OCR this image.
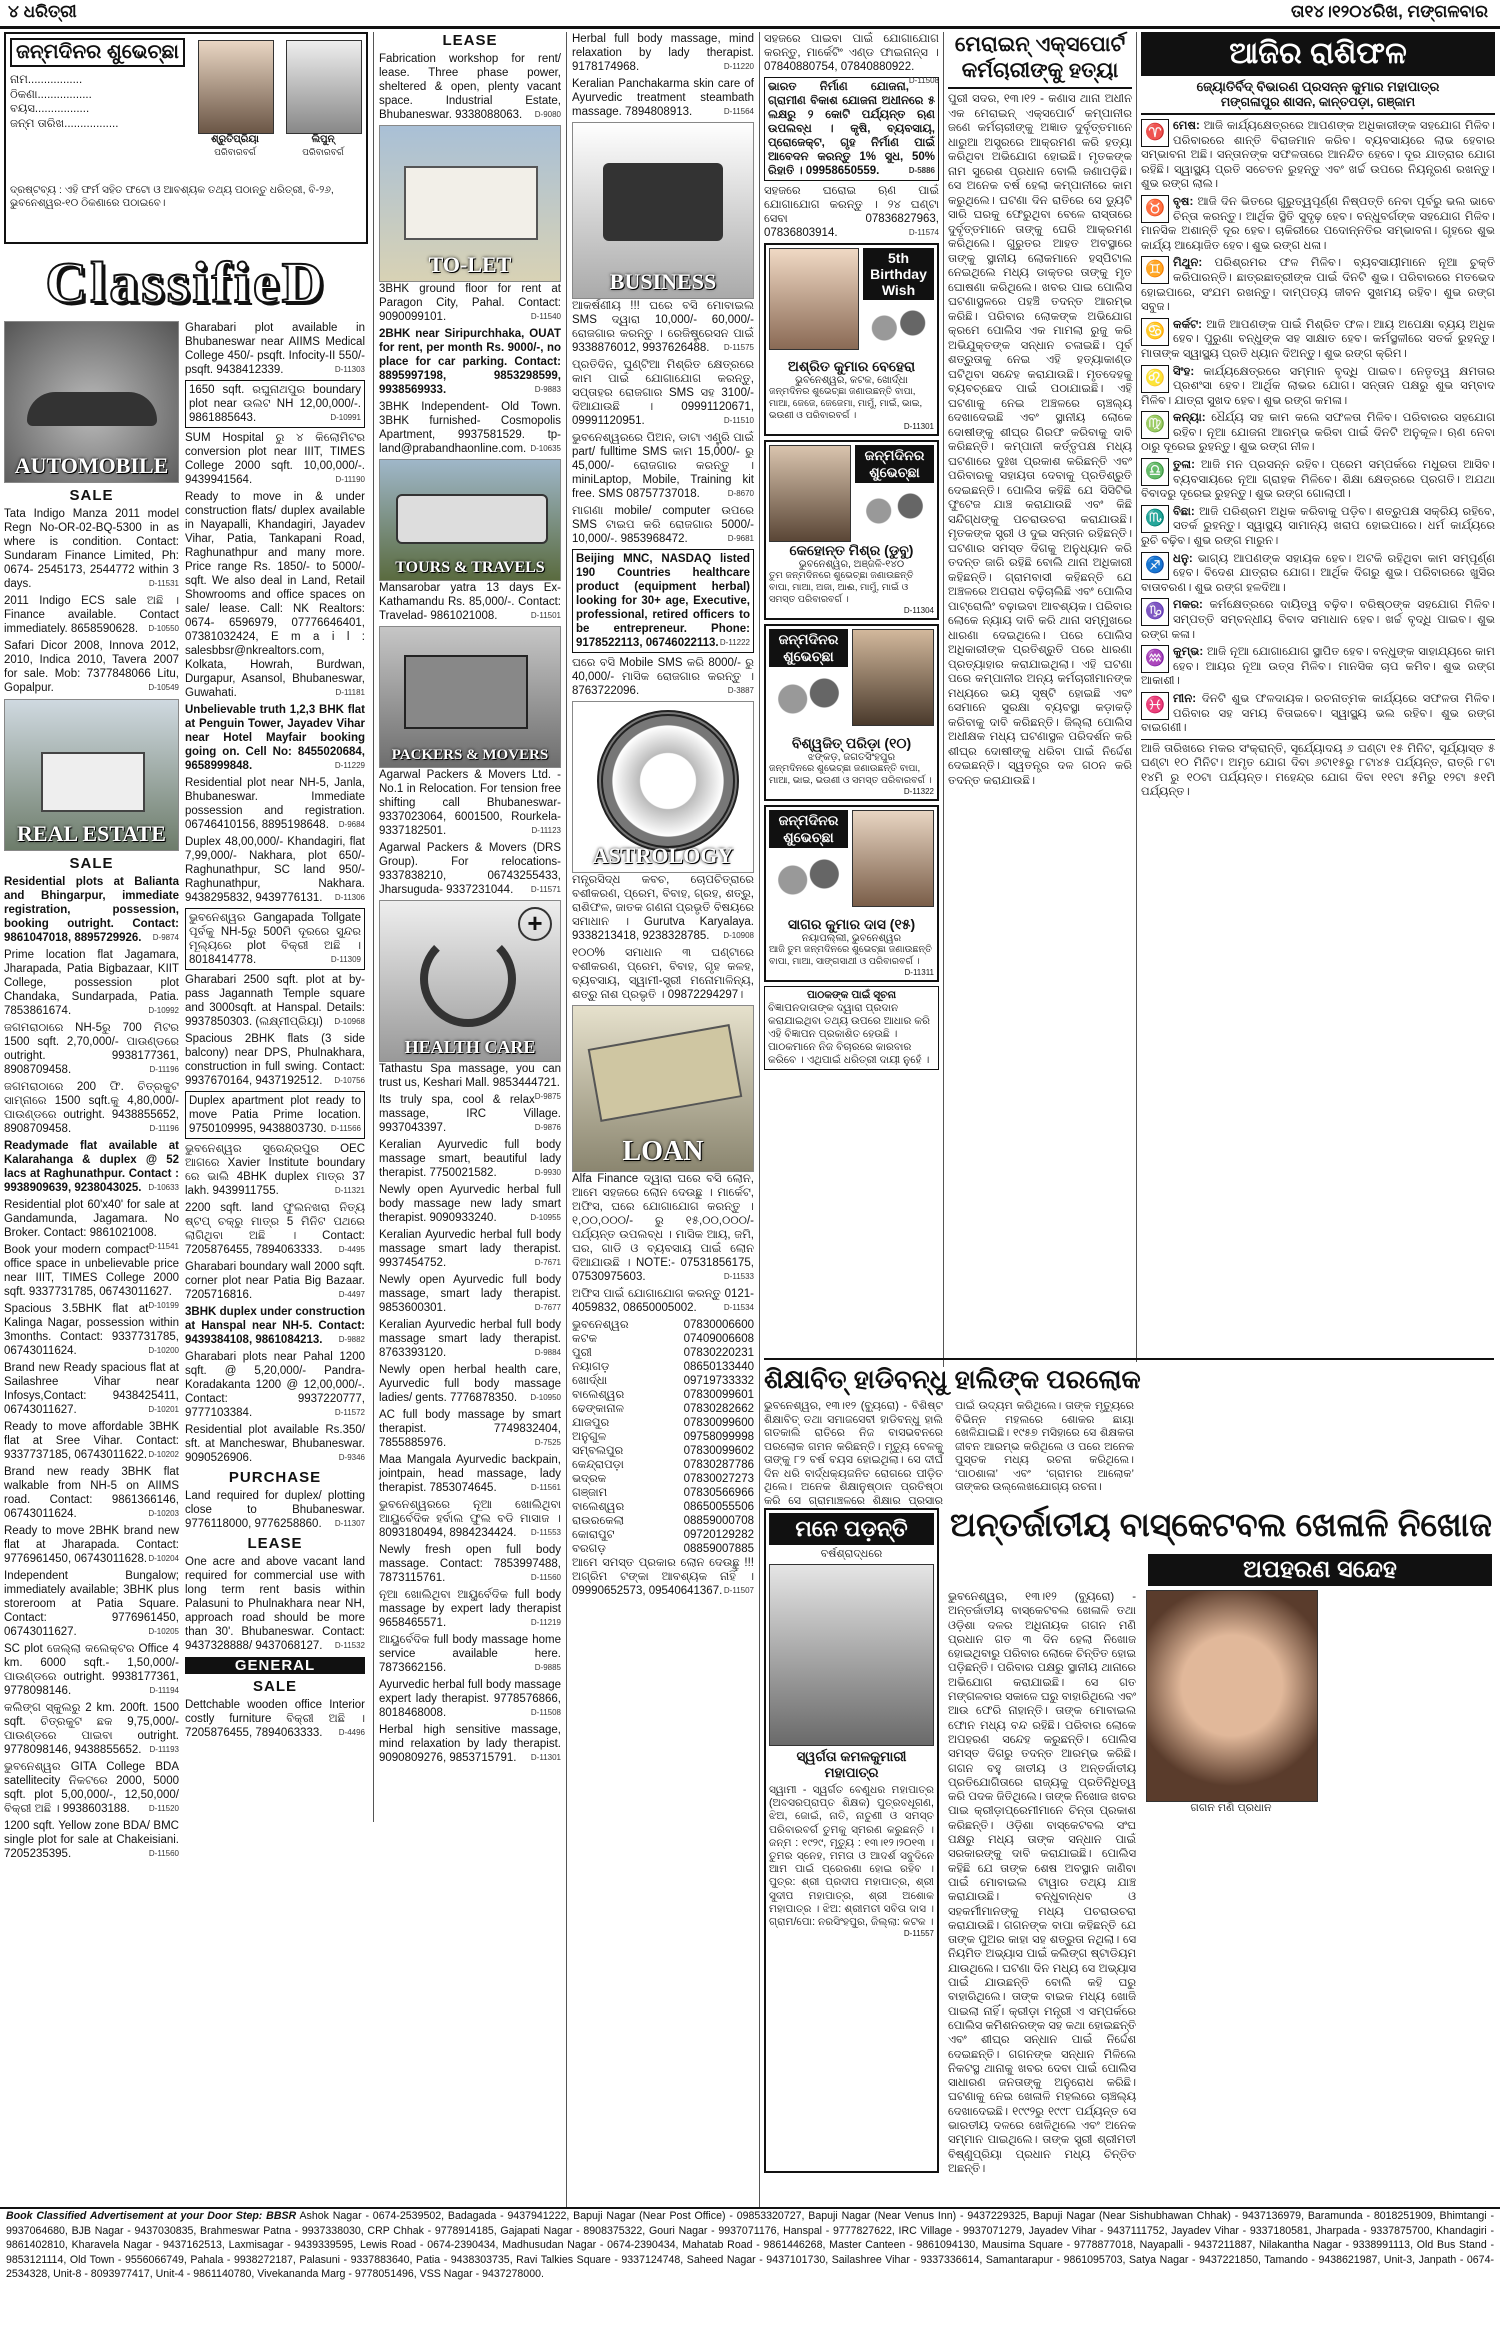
୪ ଧରିତ୍ରୀ	ତା୧୪।୧୨୦୪ରିଖ, ମଙ୍ଗଳବାର
ଜନ୍ମଦିନର ଶୁଭେଚ୍ଛା
ନାମ.................
ଠିକଣା.................
ବୟସ.................
ଜନ୍ମ ତାରିଖ.................
ଶ୍ରୁତିପ୍ରିୟା
ପରିବାରବର୍ଗ
ଲିପୁନ୍
ପରିବାରବର୍ଗ
ଦ୍ରଷ୍ଟବ୍ୟ : ଏହି ଫର୍ମ ସହିତ ଫଟୋ ଓ ଆବଶ୍ୟକ ତଥ୍ୟ ପଠାନ୍ତୁ ଧରିତ୍ରୀ, ବି-୨୬, ଭୁବନେଶ୍ୱର-୧୦ ଠିକଣାରେ ପଠାଇବେ।
ClassifieD
AUTOMOBILE
SALE
Tata Indigo Manza 2011 model Regn No-OR-02-BQ-5300 in as where is condition. Contact: Sundaram Finance Limited, Ph: 0674- 2545173, 2544772 within 3 days.	D-11531
2011 Indigo ECS sale ଅଛି । Finance available. Contact immediately. 8658590628. D-10550
Safari Dicor 2008, Innova 2012, 2010, Indica 2010, Tavera 2007 for sale. Mob: 7377848066 Litu, Gopalpur.	D-10549
REAL ESTATE
SALE
Residential plots at Balianta and Bhingarpur, immediate registration, possession, booking outright. Contact: 9861047018, 8895729926. D-9874
Prime location flat Jagamara, Jharapada, Patia Bigbazaar, KIIT College, possession plot Chandaka, Sundarpada, Patia. 7853861674.	D-10992
ଜଗମରାଠାରେ NH-5ରୁ 700 ମିଟର 1500 sqft. 2,70,000/- ପାଉଣ୍ଡରେ outright. 9938177361, 8908709458.	D-11196
ଜଗମରାଠାରେ 200 ଫି. ଚିତ୍ରକୁଟ ସାମ୍ନାରେ 1500 sqft.କୁ 4,80,000/- ପାଉଣ୍ଡରେ outright. 9438855652, 8908709458.	D-11196
Readymade flat available at Kalarahanga & duplex @ 52 lacs at Raghunathpur. Contact : 9938909639, 9238043025. D-10633
Residential plot 60'x40' for sale at Gandamunda, Jagamara. No Broker. Contact: 9861021008.
D-11541
Book your modern compact office space in unbelievable price near IIIT, TIMES College 2000 sqft. 9337731785, 06743011627.
D-10199
Spacious 3.5BHK flat at Kalinga Nagar, possession within 3months. Contact: 9337731785, 06743011624.	D-10200
Brand new Ready spacious flat at Sailashree Vihar near Infosys,Contact: 9438425411, 06743011627.	D-10201
Ready to move affordable 3BHK flat at Sree Vihar. Contact: 9337737185, 06743011622. D-10202
Brand new ready 3BHK flat walkable from NH-5 on AIIMS road. Contact: 9861366146, 06743011624.	D-10203
Ready to move 2BHK brand new flat at Jharapada. Contact: 9776961450, 06743011628. D-10204
Independent Bungalow; immediately available; 3BHK plus storeroom at Patia Square. Contact: 9776961450, 06743011627.	D-10205
SC plot ଜେଲ୍ଲା କଲେକ୍ଟର Office 4 km. 6000 sqft.- 1,50,000/- ପାଉଣ୍ଡରେ outright. 9938177361, 9778098146.	D-11194
କଲିଙ୍ଗ ସ୍କୁଲରୁ 2 km. 200ft. 1500 sqft. ଚିତ୍ରକୁଟ ଛକ 9,75,000/- ପାଉଣ୍ଡରେ ପାଇବା outright. 9778098146, 9438855652. D-11193
ଭୁବନେଶ୍ୱର GITA College BDA satellitecity ନିକଟରେ 2000, 5000 sqft. plot 5,00,000/-, 12,50,000/ ବିକ୍ରୀ ଅଛି । 9938603188. D-11520
1200 sqft. Yellow zone BDA/ BMC single plot for sale at Chakeisiani. 7205235395.	D-11560
Gharabari plot available in Bhubaneswar near AIIMS Medical College 450/- psqft. Infocity-II 550/- psqft. 9438412339.	D-11303
1650 sqft. ରଘୁନାଥପୁର boundary plot near ଉଲଟ NH 12,00,000/-. 9861885643.	D-10991
SUM Hospital ରୁ ୪ କିଲୋମିଟର conversion plot near IIIT, TIMES College 2000 sqft. 10,00,000/-. 9439941564.	D-11190
Ready to move in & under construction flats/ duplex available in Nayapalli, Khandagiri, Jayadev Vihar, Patia, Tankapani Road, Raghunathpur and many more. Price range Rs. 1850/- to 5000/- sqft. We also deal in Land, Retail Showrooms and office spaces on sale/ lease. Call: NK Realtors: 0674- 6596979, 07776646401, 07381032424, E m a i l : salesbbsr@nkrealtors.com, Kolkata, Howrah, Burdwan, Durgapur, Asansol, Bhubaneswar, Guwahati.	D-11181
Unbelievable truth 1,2,3 BHK flat at Penguin Tower, Jayadev Vihar near Hotel Mayfair booking going on. Cell No: 8455020684, 9658999848.	D-11229
Residential plot near NH-5, Janla, Bhubaneswar. Immediate possession and registration. 06746410156, 8895198648. D-9684
Duplex 48,00,000/- Khandagiri, flat 7,99,000/- Nakhara, plot 650/- Raghunathpur, SC land 950/- Raghunathpur, Nakhara. 9438295832, 9439776131. D-11306
ଭୁବନେଶ୍ୱର Gangapada Tollgate ପୂର୍ବକୁ NH-5ରୁ 500ମି ଦୂରରେ ସୁନ୍ଦର ମୂଲ୍ୟରେ plot ବିକ୍ରୀ ଅଛି । 8018414778.	D-11309
Gharabari 2500 sqft. plot at by- pass Jagannath Temple square and 3000sqft. at Hanspal. Details: 9937850303. (ଲକ୍ଷ୍ମୀପ୍ରିୟା) D-10968
Spacious 2BHK flats (3 side balcony) near DPS, Phulnakhara, construction in full swing. Contact: 9937670164, 9437192512. D-10756
Duplex apartment plot ready to move Patia Prime location. 9750109995, 9438803730. D-11566
ଭୁବନେଶ୍ୱର ସୁରେନ୍ଦ୍ରପୁର OEC ଆଗରେ Xavier Institute boundary ରେ ଭାଲି 4BHK duplex ମାତ୍ର 37 lakh. 9439911755.	D-11321
2200 sqft. land ଫୁଲନଖରା ନିତ୍ୟ ଷ୍ଟପ୍ ଚକ୍ରୁ ମାତ୍ର 5 ମିନିଟ ପଥରେ ଲାଗିଥିବା ଅଛି । Contact: 7205876455, 7894063333. D-4495
Gharabari boundary wall 2000 sqft. corner plot near Patia Big Bazaar. 7205716816.	D-4497
3BHK duplex under construction at Hanspal near NH-5. Contact: 9439384108, 9861084213. D-9882
Gharabari plots near Pahal 1200 sqft. @ 5,20,000/- Pandra- Koradakanta 1200 @ 12,00,000/-. Contact: 9937220777, 9777103384.	D-11572
Residential plot available Rs.350/ sft. at Mancheswar, Bhubaneswar. 9090526906.	D-9346
PURCHASE
Land required for duplex/ plotting close to Bhubaneswar. 9776118000, 9776258860. D-11307
LEASE
One acre and above vacant land required for commercial use with long term rent basis within Palasuni to Phulnakhara near NH, approach road should be more than 30'. Bhubaneswar. Contact: 9437328888/ 9437068127. D-11532
GENERAL
SALE
Dettchable wooden office Interior costly furniture ବିକ୍ରୀ ଅଛି । 7205876455, 7894063333. D-4496
LEASE
Fabrication workshop for rent/ lease. Three phase power, sheltered & open, plenty vacant space. Industrial Estate, Bhubaneswar. 9338088063. D-9080
TO-LET
3BHK ground floor for rent at Paragon City, Pahal. Contact: 9090099101.	D-11540
2BHK near Siripurchhaka, OUAT for rent, per month Rs. 9000/-, no place for car parking. Contact: 8895997198, 9853298599, 9938569933.	D-9883
3BHK Independent- Old Town. 3BHK furnished- Cosmopolis Apartment, 9937581529. tp-land@prabandhaonline.com. D-10635
TOURS & TRAVELS
Mansarobar yatra 13 days Ex-Kathamandu Rs. 85,000/-. Contact: Travelad- 9861021008.	D-11501
PACKERS & MOVERS
Agarwal Packers & Movers Ltd. - No.1 in Relocation. For tension free shifting call Bhubaneswar- 9337023064, 6001500, Rourkela- 9337182501.	D-11123
Agarwal Packers & Movers (DRS Group). For relocations- 9337838210, 06743255433, Jharsuguda- 9337231044. D-11571
+
HEALTH CARE
Tathastu Spa massage, you can trust us, Keshari Mall. 9853444721.
D-9875
Its truly spa, cool & relax massage, IRC Village. 9937043397.	D-9876
Keralian Ayurvedic full body massage smart, beautiful lady therapist. 7750021582.	D-9930
Newly open Ayurvedic herbal full body massage new lady smart therapist. 9090933240.	D-10955
Keralian Ayurvedic herbal full body massage smart lady therapist. 9937454752.	D-7671
Newly open Ayurvedic full body massage, smart lady therapist. 9853600301.	D-7677
Keralian Ayurvedic herbal full body massage smart lady therapist. 8763393120.	D-9884
Newly open herbal health care, Ayurvedic full body massage ladies/ gents. 7776878350. D-10950
AC full body massage by smart therapist. 7749832404, 7855885976.	D-7525
Maa Mangala Ayurvedic backpain, jointpain, head massage, lady therapist. 7853074645.	D-11561
ଭୁବନେଶ୍ୱରରେ ନୂଆ ଖୋଲିଥିବା ଆୟୁର୍ବେଦିକ ହର୍ବାଲ ଫୁଲ ବଡି ମାସାଜ । 8093180494, 8984234424. D-11553
Newly fresh open full body massage. Contact: 7853997488, 7873115761.	D-11560
ନୂଆ ଖୋଲିଥିବା ଆୟୁର୍ବେଦିକ full body massage by expert lady therapist 9658465571.	D-11219
ଆୟୁର୍ବେଦିକ full body massage home service available here. 7873662156.	D-9885
Ayurvedic herbal full body massage expert lady therapist. 9778576866, 8018468008.	D-11508
Herbal high sensitive massage, mind relaxation by lady therapist. 9090809276, 9853715791. D-11301
Herbal full body massage, mind relaxation by lady therapist. 9178174968.	D-11220
Keralian Panchakarma skin care of Ayurvedic treatment steambath massage. 7894808913.	D-11564
BUSINESS
ଆକର୍ଷଣୀୟ !!! ଘରେ ବସି ମୋବାଇଲ SMS ଦ୍ୱାରା 10,000/- 60,000/- ରୋଜଗାର କରନ୍ତୁ । ରେଜିଷ୍ଟ୍ରେସନ ପାଇଁ 9338876012, 9937626488. D-11575
ପ୍ରତିଦିନ, ଘୁଣ୍ଟିଆ ମିଶ୍ରିତ କ୍ଷେତ୍ରରେ କାମ ପାଇଁ ଯୋଗାଯୋଗ କରନ୍ତୁ, ସପ୍ତାହର ରୋଜଗାର SMS ସହ 3100/- ଦିଆଯାଉଛି । 09991120671, 09991120951.	D-11510
ଭୁବନେଶ୍ୱରରେ ପିଅନ, ଡାଟା ଏଣ୍ଟ୍ରି ପାଇଁ part/ fulltime SMS କାମ 15,000/- ରୁ 45,000/- ରୋଜଗାର କରନ୍ତୁ । miniLaptop, Mobile, Training kit free. SMS 08757737018.	D-8670
ମାଗଣା mobile/ computer ଉପରେ SMS ଟାଇପ କରି ରୋଜଗାର 5000/- 10,000/-. 9853968472.	D-9681
Beijing MNC, NASDAQ listed 190 Countries healthcare product (equipment herbal) looking for 30+ age, Executive, professional, retired officers to be entrepreneur. Phone: 9178522113, 06746022113. D-11222
ଘରେ ବସି Mobile SMS କରି 8000/- ରୁ 40,000/- ମାସିକ ରୋଜଗାର କରନ୍ତୁ । 8763722096.	D-3887
ASTROLOGY
ମନ୍ତ୍ରସିଦ୍ଧ କବଚ, ଚୋପଚିତ୍ରାରେ ବଶୀକରଣ, ପ୍ରେମ, ବିବାହ, ଗ୍ରହ, ଶତ୍ରୁ, ରାଶିଫଳ, ଜାତକ ଗଣନା ପ୍ରଭୃତି ବିଷୟରେ ସମାଧାନ । Gurutva Karyalaya. 9338213418, 9238328785. D-10908
୧୦୦% ସମାଧାନ ୩ ଘଣ୍ଟାରେ ବଶୀକରଣ, ପ୍ରେମ, ବିବାହ, ଗୃହ କଳହ, ବ୍ୟବସାୟ, ସ୍ୱାମୀ-ସ୍ତ୍ରୀ ମନୋମାଳିନ୍ୟ, ଶତ୍ରୁ ନାଶ ପ୍ରଭୃତି । 09872294297।
LOAN
Alfa Finance ଦ୍ୱାରା ଘରେ ବସି ଲୋନ, ଆମେ ସହଜରେ ଲୋନ ଦେଉଛୁ । ମାର୍କେଟ, ଅଫିସ, ଘରେ ଯୋଗାଯୋଗ କରନ୍ତୁ । ୧,୦୦,୦୦୦/- ରୁ ୧୫,୦୦,୦୦୦/- ପର୍ଯ୍ୟନ୍ତ ଉପଲବ୍ଧ । ମାସିକ ଆୟ, ଜମି, ଘର, ଗାଡି ଓ ବ୍ୟବସାୟ ପାଇଁ ଲୋନ ଦିଆଯାଉଛି । NOTE:- 07531856175, 07530975603.	D-11533
ଅଫିସ ପାଇଁ ଯୋଗାଯୋଗ କରନ୍ତୁ 0121-4059832, 08650005002.	D-11534
ଭୁବନେଶ୍ୱର	07830006600
କଟକ	07409006608
ପୁରୀ	07830220231
ନୟାଗଡ଼	08650133440
ଖୋର୍ଦ୍ଧା	09719733332
ବାଲେଶ୍ୱର	07830099601
ଢେଙ୍କାନାଳ	07830282662
ଯାଜପୁର	07830099600
ଅନୁଗୁଳ	09758099998
ସମ୍ବଲପୁର	07830099602
କେନ୍ଦ୍ରାପଡ଼ା	07830287786
ଭଦ୍ରକ	07830027273
ଗଞ୍ଜାମ	07830566966
ବାଲେଶ୍ୱର	08650055506
ରାଉରକେଲା	08859000708
କୋରାପୁଟ	09720129282
ବରଗଡ଼	08859007885
ଆମେ ସମସ୍ତ ପ୍ରକାର ଲୋନ ଦେଉଛୁ !!! ଅଗ୍ରିମ ଟଙ୍କା ଆବଶ୍ୟକ ନାହିଁ । 09990652573, 09540641367. D-11507
ସହଜରେ ପାଇବା ପାଇଁ ଯୋଗାଯୋଗ କରନ୍ତୁ, ମାର୍କେଟିଂ ଏଣ୍ଡ ଫାଇନାନ୍ସ । 07840880754, 07840880922.
D-11508
ଭାରତ ନିର୍ମାଣ ଯୋଜନା, ଗ୍ରାମୀଣ ବିକାଶ ଯୋଜନା ଅଧୀନରେ ୫ ଲକ୍ଷରୁ ୨ କୋଟି ପର୍ଯ୍ୟନ୍ତ ଋଣ ଉପଲବ୍ଧ । କୃଷି, ବ୍ୟବସାୟ, ପ୍ରୋଜେକ୍ଟ, ଗୃହ ନିର୍ମାଣ ପାଇଁ ଆବେଦନ କରନ୍ତୁ 1% ସୁଧ, 50% ରିହାତି । 09958650559.	D-5886
ସହଜରେ ଘରୋଇ ଋଣ ପାଇଁ ଯୋଗାଯୋଗ କରନ୍ତୁ । ୨୪ ଘଣ୍ଟା ସେବା 07836827963, 07836803914.	D-11574
5th Birthday Wish
ଅଶ୍ରିତ କୁମାର ବେହେରା
ଭୁବନେଶ୍ୱର, କଟକ, ଖୋର୍ଦ୍ଧା
ଜନ୍ମଦିନର ଶୁଭେଚ୍ଛା ଜଣାଉଛନ୍ତି ବାପା, ମାଆ, ଜେଜେ, ଜେଜେମା, ମାମୁଁ, ମାଇଁ, ଭାଇ, ଭଉଣୀ ଓ ପରିବାରବର୍ଗ ।
D-11301
ଜନ୍ମଦିନର ଶୁଭେଚ୍ଛା
କେହୋନ୍ତ ମିଶ୍ର (ଡୁବୁ)
ଭୁବନେଶ୍ୱର, ଅଞ୍ଜଳି-୧୪୦
ତୁମ ଜନ୍ମଦିନରେ ଶୁଭେଚ୍ଛା ଜଣାଉଛନ୍ତି ବାପା, ମାଆ, ଅଜା, ଆଈ, ମାମୁଁ, ମାଇଁ ଓ ସମସ୍ତ ପରିବାରବର୍ଗ ।
D-11304
ଜନ୍ମଦିନର ଶୁଭେଚ୍ଛା
ବିଶ୍ୱଜିତ୍ ପରିଡ଼ା (୧୦)
ଝଙ୍କଡ଼, ଜଗତସିଂହପୁର
ଜନ୍ମଦିନରେ ଶୁଭେଚ୍ଛା ଜଣାଉଛନ୍ତି ବାପା, ମାଆ, ଭାଇ, ଭଉଣୀ ଓ ସମସ୍ତ ପରିବାରବର୍ଗ ।
D-11322
ଜନ୍ମଦିନର ଶୁଭେଚ୍ଛା
ସାଗର କୁମାର ଦାସ (୧୫)
ନୟାପଲ୍ଲୀ, ଭୁବନେଶ୍ୱର
ଆଜି ତୁମ ଜନ୍ମଦିନରେ ଶୁଭେଚ୍ଛା ଜଣାଉଛନ୍ତି ବାପା, ମାଆ, ସାଙ୍ଗସାଥୀ ଓ ପରିବାରବର୍ଗ ।
D-11311
ପାଠକଙ୍କ ପାଇଁ ସୂଚନା
ବିଜ୍ଞାପନଦାତାଙ୍କ ଦ୍ୱାରା ପ୍ରଦାନ କରାଯାଇଥିବା ତଥ୍ୟ ଉପରେ ଆଧାର କରି ଏହି ବିଜ୍ଞାପନ ପ୍ରକାଶିତ ହେଉଛି । ପାଠକମାନେ ନିଜ ବିଚାରରେ କାରବାର କରିବେ । ଏଥିପାଇଁ ଧରିତ୍ରୀ ଦାୟୀ ନୁହେଁ ।
ମେରାଇନ୍ ଏକ୍ସପୋର୍ଟ କର୍ମଚାରୀଙ୍କୁ ହତ୍ୟା
ପୁରୀ ସଦର, ୧୩।୧୨ - କଣାସ ଥାନା ଅଧୀନ ଏକ ମେରାଇନ୍ ଏକ୍ସପୋର୍ଟ କମ୍ପାନୀର ଜଣେ କର୍ମଚାରୀଙ୍କୁ ଅଜ୍ଞାତ ଦୁର୍ବୃତ୍ତମାନେ ଧାରୁଆ ଅସ୍ତ୍ରରେ ଆକ୍ରମଣ କରି ହତ୍ୟା କରିଥିବା ଅଭିଯୋଗ ହୋଇଛି। ମୃତକଙ୍କ ନାମ ସୁରେଶ ପ୍ରଧାନ ବୋଲି ଜଣାପଡ଼ିଛି। ସେ ଅନେକ ବର୍ଷ ହେଲା କମ୍ପାନୀରେ କାମ କରୁଥିଲେ। ଘଟଣା ଦିନ ରାତିରେ ସେ ଡ୍ୟୁଟି ସାରି ଘରକୁ ଫେରୁଥିବା ବେଳେ ରାସ୍ତାରେ ଦୁର୍ବୃତ୍ତମାନେ ତାଙ୍କୁ ଘେରି ଆକ୍ରମଣ କରିଥିଲେ। ଗୁରୁତର ଆହତ ଅବସ୍ଥାରେ ତାଙ୍କୁ ସ୍ଥାନୀୟ ଲୋକମାନେ ହସ୍ପିଟାଲ ନେଇଥିଲେ ମଧ୍ୟ ଡାକ୍ତର ତାଙ୍କୁ ମୃତ ଘୋଷଣା କରିଥିଲେ। ଖବର ପାଇ ପୋଲିସ ଘଟଣାସ୍ଥଳରେ ପହଞ୍ଚି ତଦନ୍ତ ଆରମ୍ଭ କରିଛି। ପରିବାର ଲୋକଙ୍କ ଅଭିଯୋଗ କ୍ରମେ ପୋଲିସ ଏକ ମାମଲା ରୁଜୁ କରି ଅଭିଯୁକ୍ତଙ୍କ ସନ୍ଧାନ ଚଳାଇଛି। ପୂର୍ବ ଶତ୍ରୁତାକୁ ନେଇ ଏହି ହତ୍ୟାକାଣ୍ଡ ଘଟିଥିବା ସନ୍ଦେହ କରାଯାଉଛି। ମୃତଦେହକୁ ବ୍ୟବଚ୍ଛେଦ ପାଇଁ ପଠାଯାଇଛି। ଏହି ଘଟଣାକୁ ନେଇ ଅଞ୍ଚଳରେ ଚାଞ୍ଚଲ୍ୟ ଦେଖାଦେଇଛି ଏବଂ ସ୍ଥାନୀୟ ଲୋକେ ଦୋଷୀଙ୍କୁ ଶୀଘ୍ର ଗିରଫ କରିବାକୁ ଦାବି କରିଛନ୍ତି। କମ୍ପାନୀ କର୍ତ୍ତୃପକ୍ଷ ମଧ୍ୟ ଘଟଣାରେ ଦୁଃଖ ପ୍ରକାଶ କରିଛନ୍ତି ଏବଂ ପରିବାରକୁ ସହାୟତା ଦେବାକୁ ପ୍ରତିଶ୍ରୁତି ଦେଇଛନ୍ତି। ପୋଲିସ କହିଛି ଯେ ସିସିଟିଭି ଫୁଟେଜ ଯାଞ୍ଚ କରାଯାଉଛି ଏବଂ କିଛି ସନ୍ଦିଗ୍ଧଙ୍କୁ ପଚରାଉଚରା କରାଯାଉଛି। ମୃତକଙ୍କ ସ୍ତ୍ରୀ ଓ ଦୁଇ ସନ୍ତାନ ରହିଛନ୍ତି। ଘଟଣାର ସମସ୍ତ ଦିଗକୁ ଅନୁଧ୍ୟାନ କରି ତଦନ୍ତ ଜାରି ରହିଛି ବୋଲି ଥାନା ଅଧିକାରୀ କହିଛନ୍ତି। ଗ୍ରାମବାସୀ କହିଛନ୍ତି ଯେ ଅଞ୍ଚଳରେ ଅପରାଧ ବଢ଼ିଚାଲିଛି ଏବଂ ପୋଲିସ ପାଟ୍ରୋଲିଂ ବଢ଼ାଇବା ଆବଶ୍ୟକ। ପରିବାର ଲୋକେ ନ୍ୟାୟ ଦାବି କରି ଥାନା ସମ୍ମୁଖରେ ଧାରଣା ଦେଇଥିଲେ। ପରେ ପୋଲିସ ଅଧିକାରୀଙ୍କ ପ୍ରତିଶ୍ରୁତି ପରେ ଧାରଣା ପ୍ରତ୍ୟାହାର କରାଯାଇଥିଲା। ଏହି ଘଟଣା ପରେ କମ୍ପାନୀର ଅନ୍ୟ କର୍ମଚାରୀମାନଙ୍କ ମଧ୍ୟରେ ଭୟ ସୃଷ୍ଟି ହୋଇଛି ଏବଂ ସେମାନେ ସୁରକ୍ଷା ବ୍ୟବସ୍ଥା କଡ଼ାକଡ଼ି କରିବାକୁ ଦାବି କରିଛନ୍ତି। ଜିଲ୍ଲା ପୋଲିସ ଅଧୀକ୍ଷକ ମଧ୍ୟ ଘଟଣାସ୍ଥଳ ପରିଦର୍ଶନ କରି ଶୀଘ୍ର ଦୋଷୀଙ୍କୁ ଧରିବା ପାଇଁ ନିର୍ଦ୍ଦେଶ ଦେଇଛନ୍ତି। ସ୍ୱତନ୍ତ୍ର ଦଳ ଗଠନ କରି ତଦନ୍ତ କରାଯାଉଛି।
ଆଜିର ରାଶିଫଳ
ଜ୍ୟୋତିର୍ବିଦ୍ ବିଭାରଣ ପ୍ରସନ୍ନ କୁମାର ମହାପାତ୍ର
ମଙ୍ଗଳାପୁର ଶାସନ, କାନ୍ତପଡ଼ା, ଗଞ୍ଜାମ
♈ ମେଷ: ଆଜି କାର୍ଯ୍ୟକ୍ଷେତ୍ରରେ ଆପଣଙ୍କ ଅଧିକାରୀଙ୍କ ସହଯୋଗ ମିଳିବ। ପରିବାରରେ ଶାନ୍ତି ବିରାଜମାନ କରିବ। ବ୍ୟବସାୟରେ ଲାଭ ହେବାର ସମ୍ଭାବନା ଅଛି। ସନ୍ତାନଙ୍କ ସଫଳତାରେ ଆନନ୍ଦିତ ହେବେ। ଦୂର ଯାତ୍ରାର ଯୋଗ ରହିଛି। ସ୍ୱାସ୍ଥ୍ୟ ପ୍ରତି ସଚେତନ ରୁହନ୍ତୁ ଏବଂ ଖର୍ଚ୍ଚ ଉପରେ ନିୟନ୍ତ୍ରଣ ରଖନ୍ତୁ। ଶୁଭ ରଙ୍ଗ ଲାଲ।
♉ ବୃଷ: ଆଜି ଦିନ ଭିତରେ ଗୁରୁତ୍ୱପୂର୍ଣ୍ଣ ନିଷ୍ପତ୍ତି ନେବା ପୂର୍ବରୁ ଭଲ ଭାବେ ଚିନ୍ତା କରନ୍ତୁ। ଆର୍ଥିକ ସ୍ଥିତି ସୁଦୃଢ଼ ହେବ। ବନ୍ଧୁବର୍ଗଙ୍କ ସହଯୋଗ ମିଳିବ। ମାନସିକ ଅଶାନ୍ତି ଦୂର ହେବ। ଚାକିରୀରେ ପଦୋନ୍ନତିର ସମ୍ଭାବନା। ଗୃହରେ ଶୁଭ କାର୍ଯ୍ୟ ଆୟୋଜିତ ହେବ। ଶୁଭ ରଙ୍ଗ ଧଳା।
♊ ମିଥୁନ: ପରିଶ୍ରମର ଫଳ ମିଳିବ। ବ୍ୟବସାୟୀମାନେ ନୂଆ ଚୁକ୍ତି କରିପାରନ୍ତି। ଛାତ୍ରଛାତ୍ରୀଙ୍କ ପାଇଁ ଦିନଟି ଶୁଭ। ପରିବାରରେ ମତଭେଦ ହୋଇପାରେ, ସଂଯମ ରଖନ୍ତୁ। ଦାମ୍ପତ୍ୟ ଜୀବନ ସୁଖମୟ ରହିବ। ଶୁଭ ରଙ୍ଗ ସବୁଜ।
♋ କର୍କଟ: ଆଜି ଆପଣଙ୍କ ପାଇଁ ମିଶ୍ରିତ ଫଳ। ଆୟ ଅପେକ୍ଷା ବ୍ୟୟ ଅଧିକ ହେବ। ପୁରୁଣା ବନ୍ଧୁଙ୍କ ସହ ସାକ୍ଷାତ ହେବ। କର୍ମସ୍ଥଳୀରେ ସତର୍କ ରୁହନ୍ତୁ। ମାତାଙ୍କ ସ୍ୱାସ୍ଥ୍ୟ ପ୍ରତି ଧ୍ୟାନ ଦିଅନ୍ତୁ। ଶୁଭ ରଙ୍ଗ କ୍ରିମ।
♌ ସିଂହ: କାର୍ଯ୍ୟକ୍ଷେତ୍ରରେ ସମ୍ମାନ ବୃଦ୍ଧି ପାଇବ। ନେତୃତ୍ୱ କ୍ଷମତାର ପ୍ରଶଂସା ହେବ। ଆର୍ଥିକ ଲାଭର ଯୋଗ। ସନ୍ତାନ ପକ୍ଷରୁ ଶୁଭ ସମ୍ବାଦ ମିଳିବ। ଯାତ୍ରା ସୁଖଦ ହେବ। ଶୁଭ ରଙ୍ଗ କମଳା।
♍ କନ୍ୟା: ଧୈର୍ଯ୍ୟ ସହ କାମ କଲେ ସଫଳତା ମିଳିବ। ପରିବାରର ସହଯୋଗ ରହିବ। ନୂଆ ଯୋଜନା ଆରମ୍ଭ କରିବା ପାଇଁ ଦିନଟି ଅନୁକୂଳ। ଋଣ ନେବା ଠାରୁ ଦୂରେଇ ରୁହନ୍ତୁ। ଶୁଭ ରଙ୍ଗ ନୀଳ।
♎ ତୁଳା: ଆଜି ମନ ପ୍ରସନ୍ନ ରହିବ। ପ୍ରେମ ସମ୍ପର୍କରେ ମଧୁରତା ଆସିବ। ବ୍ୟବସାୟରେ ନୂଆ ଗ୍ରାହକ ମିଳିବେ। ଶିକ୍ଷା କ୍ଷେତ୍ରରେ ପ୍ରଗତି। ଅଯଥା ବିବାଦରୁ ଦୂରେଇ ରୁହନ୍ତୁ। ଶୁଭ ରଙ୍ଗ ଗୋଲାପୀ।
♏ ବିଛା: ଆଜି ପରିଶ୍ରମ ଅଧିକ କରିବାକୁ ପଡ଼ିବ। ଶତ୍ରୁପକ୍ଷ ସକ୍ରିୟ ରହିବେ, ସତର୍କ ରୁହନ୍ତୁ। ସ୍ୱାସ୍ଥ୍ୟ ସାମାନ୍ୟ ଖରାପ ହୋଇପାରେ। ଧର୍ମ କାର୍ଯ୍ୟରେ ରୁଚି ବଢ଼ିବ। ଶୁଭ ରଙ୍ଗ ମାରୁନ।
♐ ଧନୁ: ଭାଗ୍ୟ ଆପଣଙ୍କ ସହାୟକ ହେବ। ଅଟକି ରହିଥିବା କାମ ସମ୍ପୂର୍ଣ୍ଣ ହେବ। ବିଦେଶ ଯାତ୍ରାର ଯୋଗ। ଆର୍ଥିକ ଦିଗରୁ ଶୁଭ। ପରିବାରରେ ଖୁସିର ବାତାବରଣ। ଶୁଭ ରଙ୍ଗ ହଳଦିଆ।
♑ ମକର: କର୍ମକ୍ଷେତ୍ରରେ ଦାୟିତ୍ୱ ବଢ଼ିବ। ବରିଷ୍ଠଙ୍କ ସହଯୋଗ ମିଳିବ। ସମ୍ପତ୍ତି ସମ୍ବନ୍ଧୀୟ ବିବାଦ ସମାଧାନ ହେବ। ଖର୍ଚ୍ଚ ବୃଦ୍ଧି ପାଇବ। ଶୁଭ ରଙ୍ଗ କଳା।
♒ କୁମ୍ଭ: ଆଜି ନୂଆ ଯୋଗାଯୋଗ ସ୍ଥାପିତ ହେବ। ବନ୍ଧୁଙ୍କ ସାହାଯ୍ୟରେ କାମ ହେବ। ଆୟର ନୂଆ ଉତ୍ସ ମିଳିବ। ମାନସିକ ଚାପ କମିବ। ଶୁଭ ରଙ୍ଗ ଆକାଶୀ।
♓ ମୀନ: ଦିନଟି ଶୁଭ ଫଳଦାୟକ। ରଚନାତ୍ମକ କାର୍ଯ୍ୟରେ ସଫଳତା ମିଳିବ। ପରିବାର ସହ ସମୟ ବିତାଇବେ। ସ୍ୱାସ୍ଥ୍ୟ ଭଲ ରହିବ। ଶୁଭ ରଙ୍ଗ ବାଇଗଣୀ।
ଆଜି ତାରିଖରେ ମକର ସଂକ୍ରାନ୍ତି, ସୂର୍ଯ୍ୟୋଦୟ ୬ ଘଣ୍ଟା ୧୫ ମିନିଟ, ସୂର୍ଯ୍ୟାସ୍ତ ୫ ଘଣ୍ଟା ୧୦ ମିନିଟ। ଅମୃତ ଯୋଗ ଦିବା ୬ଟା୧୫ରୁ ୮ଟା୪୫ ପର୍ଯ୍ୟନ୍ତ, ରାତ୍ରି ୮ଟା ୧୪ମି ରୁ ୧୦ଟା ପର୍ଯ୍ୟନ୍ତ। ମହେନ୍ଦ୍ର ଯୋଗ ଦିବା ୧୧ଟା ୫ମିରୁ ୧୨ଟା ୫୧ମି ପର୍ଯ୍ୟନ୍ତ।
ଶିକ୍ଷାବିତ୍ ହାଡିବନ୍ଧୁ ହାଲିଙ୍କ ପରଲୋକ
ଭୁବନେଶ୍ୱର, ୧୩।୧୨ (ବ୍ୟୁରୋ) - ବିଶିଷ୍ଟ ଶିକ୍ଷାବିତ୍ ତଥା ସମାଜସେବୀ ହାଡିବନ୍ଧୁ ହାଲି ଗତକାଲି ରାତିରେ ନିଜ ବାସଭବନରେ ପରଲୋକ ଗମନ କରିଛନ୍ତି। ମୃତ୍ୟୁ ବେଳକୁ ତାଙ୍କୁ ୮୨ ବର୍ଷ ବୟସ ହୋଇଥିଲା। ସେ ଦୀର୍ଘ ଦିନ ଧରି ବାର୍ଦ୍ଧକ୍ୟଜନିତ ରୋଗରେ ପୀଡ଼ିତ ଥିଲେ। ଅନେକ ଶିକ୍ଷାନୁଷ୍ଠାନ ପ୍ରତିଷ୍ଠା କରି ସେ ଗ୍ରାମାଞ୍ଚଳରେ ଶିକ୍ଷାର ପ୍ରସାର ପାଇଁ ଉଦ୍ୟମ କରିଥିଲେ। ତାଙ୍କ ମୃତ୍ୟୁରେ ବିଭିନ୍ନ ମହଲରେ ଶୋକର ଛାୟା ଖେଳିଯାଇଛି। ୧୯୫୭ ମସିହାରେ ସେ ଶିକ୍ଷକତା ଜୀବନ ଆରମ୍ଭ କରିଥିଲେ ଓ ପରେ ଅନେକ ପୁସ୍ତକ ମଧ୍ୟ ରଚନା କରିଥିଲେ। ‘ପାଠଶାଳା’ ଏବଂ ‘ଗ୍ରାମର ଆଲୋକ’ ତାଙ୍କର ଉଲ୍ଲେଖଯୋଗ୍ୟ ରଚନା।
ମନେ ପଡ଼ନ୍ତି
ବର୍ଷଶ୍ରାଦ୍ଧରେ
ସ୍ୱର୍ଗତା କମଳକୁମାରୀ ମହାପାତ୍ର
ସ୍ୱାମୀ - ସ୍ୱର୍ଗତ ବେଣୁଧର ମହାପାତ୍ର (ଅବସରପ୍ରାପ୍ତ ଶିକ୍ଷକ) ପୁତ୍ରବଧୂଗଣ, ଝିଅ, ଜୋଇଁ, ନାତି, ନାତୁଣୀ ଓ ସମସ୍ତ ପରିବାରବର୍ଗ ତୁମକୁ ସ୍ମରଣ କରୁଛନ୍ତି । ଜନ୍ମ : ୧୯୨୯, ମୃତ୍ୟୁ : ୧୩।୧୨।୨୦୧୩ । ତୁମର ସ୍ନେହ, ମମତା ଓ ଆଦର୍ଶ ସବୁଦିନେ ଆମ ପାଇଁ ପ୍ରେରଣା ହୋଇ ରହିବ । ପୁତ୍ର: ଶ୍ରୀ ପ୍ରଦୀପ ମହାପାତ୍ର, ଶ୍ରୀ ସୁଦୀପ ମହାପାତ୍ର, ଶ୍ରୀ ଅଶୋକ ମହାପାତ୍ର । ଝିଅ: ଶ୍ରୀମତୀ ସବିତା ଦାସ । ଗ୍ରାମ/ପୋ: ନରସିଂହପୁର, ଜିଲ୍ଲା: କଟକ ।
D-11557
ଅନ୍ତର୍ଜାତୀୟ ବାସ୍କେଟବଲ ଖେଳାଳି ନିଖୋଜ
ଅପହରଣ ସନ୍ଦେହ
ଭୁବନେଶ୍ୱର, ୧୩।୧୨ (ବ୍ୟୁରୋ) - ଅନ୍ତର୍ଜାତୀୟ ବାସ୍କେଟବଲ ଖେଳାଳି ତଥା ଓଡ଼ିଶା ଦଳର ଅଧିନାୟକ ଗଗନ ମଣି ପ୍ରଧାନ ଗତ ୩ ଦିନ ହେଲା ନିଖୋଜ ହୋଇଥିବାରୁ ପରିବାର ଲୋକେ ଚିନ୍ତିତ ହୋଇ ପଡ଼ିଛନ୍ତି। ପରିବାର ପକ୍ଷରୁ ସ୍ଥାନୀୟ ଥାନାରେ ଅଭିଯୋଗ କରାଯାଇଛି। ସେ ଗତ ମଙ୍ଗଳବାର ସକାଳେ ଘରୁ ବାହାରିଥିଲେ ଏବଂ ଆଉ ଫେରି ନାହାନ୍ତି। ତାଙ୍କ ମୋବାଇଲ ଫୋନ ମଧ୍ୟ ବନ୍ଦ ରହିଛି। ପରିବାର ଲୋକେ ଅପହରଣ ସନ୍ଦେହ କରୁଛନ୍ତି। ପୋଲିସ ସମସ୍ତ ଦିଗରୁ ତଦନ୍ତ ଆରମ୍ଭ କରିଛି। ଗଗନ ବହୁ ଜାତୀୟ ଓ ଅନ୍ତର୍ଜାତୀୟ ପ୍ରତିଯୋଗିତାରେ ରାଜ୍ୟକୁ ପ୍ରତିନିଧିତ୍ୱ କରି ପଦକ ଜିତିଥିଲେ। ତାଙ୍କ ନିଖୋଜ ଖବର ପାଇ କ୍ରୀଡ଼ାପ୍ରେମୀମାନେ ଚିନ୍ତା ପ୍ରକାଶ କରିଛନ୍ତି। ଓଡ଼ିଶା ବାସ୍କେଟବଲ ସଂଘ ପକ୍ଷରୁ ମଧ୍ୟ ତାଙ୍କ ସନ୍ଧାନ ପାଇଁ ସରକାରଙ୍କୁ ଦାବି କରାଯାଇଛି। ପୋଲିସ କହିଛି ଯେ ତାଙ୍କ ଶେଷ ଅବସ୍ଥାନ ଜାଣିବା ପାଇଁ ମୋବାଇଲ ଟାୱାର ତଥ୍ୟ ଯାଞ୍ଚ କରାଯାଉଛି। ବନ୍ଧୁବାନ୍ଧବ ଓ ସହକର୍ମୀମାନଙ୍କୁ ମଧ୍ୟ ପଚରାଉଚରା କରାଯାଉଛି। ଗଗନଙ୍କ ବାପା କହିଛନ୍ତି ଯେ ତାଙ୍କ ପୁଅର କାହା ସହ ଶତ୍ରୁତା ନଥିଲା। ସେ ନିୟମିତ ଅଭ୍ୟାସ ପାଇଁ କଲିଙ୍ଗ ଷ୍ଟାଡିୟମ ଯାଉଥିଲେ। ଘଟଣା ଦିନ ମଧ୍ୟ ସେ ଅଭ୍ୟାସ ପାଇଁ ଯାଉଛନ୍ତି ବୋଲି କହି ଘରୁ ବାହାରିଥିଲେ। ତାଙ୍କ ବାଇକ ମଧ୍ୟ ଖୋଜି ପାଇଲା ନାହିଁ। କ୍ରୀଡ଼ା ମନ୍ତ୍ରୀ ଏ ସମ୍ପର୍କରେ ପୋଲିସ କମିଶନରଙ୍କ ସହ କଥା ହୋଇଛନ୍ତି ଏବଂ ଶୀଘ୍ର ସନ୍ଧାନ ପାଇଁ ନିର୍ଦ୍ଦେଶ ଦେଇଛନ୍ତି। ଗଗନଙ୍କ ସନ୍ଧାନ ମିଳିଲେ ନିକଟସ୍ଥ ଥାନାକୁ ଖବର ଦେବା ପାଇଁ ପୋଲିସ ସାଧାରଣ ଜନତାଙ୍କୁ ଅନୁରୋଧ କରିଛି। ଘଟଣାକୁ ନେଇ ଖେଳାଳି ମହଲରେ ଚାଞ୍ଚଲ୍ୟ ଦେଖାଦେଇଛି। ୧୯୯୨ରୁ ୧୯୯୮ ପର୍ଯ୍ୟନ୍ତ ସେ ଭାରତୀୟ ଦଳରେ ଖେଳିଥିଲେ ଏବଂ ଅନେକ ସମ୍ମାନ ପାଇଥିଲେ। ତାଙ୍କ ସ୍ତ୍ରୀ ଶ୍ରୀମତୀ ବିଷ୍ଣୁପ୍ରିୟା ପ୍ରଧାନ ମଧ୍ୟ ଚିନ୍ତିତ ଅଛନ୍ତି।
ଗଗନ ମଣି ପ୍ରଧାନ
Book Classified Advertisement at your Door Step: BBSR Ashok Nagar - 0674-2539502, Badagada - 9437941222, Bapuji Nagar (Near Post Office) - 09853320727, Bapuji Nagar (Near Venus Inn) - 9437229325, Bapuji Nagar (Near Sishubhawan Chhak) - 9437136979, Baramunda - 8018251909, Bhimtangi - 9937064680, BJB Nagar - 9437030835, Brahmeswar Patna - 9937338030, CRP Chhak - 9778914185, Gajapati Nagar - 8908375322, Gouri Nagar - 9937071176, Hanspal - 9777827622, IRC Village - 9937071279, Jayadev Vihar - 9437111752, Jayadev Vihar - 9337180581, Jharpada - 9337875700, Khandagiri - 9861402810, Kharavela Nagar - 9437162513, Laxmisagar - 9439339595, Lewis Road - 0674-2390434, Madhusudan Nagar - 0674-2390434, Mahatab Road - 9861446268, Master Canteen - 9861094130, Mausima Square - 9778877018, Nayapalli - 9437211887, Nilakantha Nagar - 9338991113, Old Bus Stand - 9853121114, Old Town - 9556066749, Pahala - 9938272187, Palasuni - 9337883640, Patia - 9438303735, Ravi Talkies Square - 9337124748, Saheed Nagar - 9437101730, Sailashree Vihar - 9337336614, Samantarapur - 9861095703, Satya Nagar - 9437221850, Tamando - 9438621987, Unit-3, Janpath - 0674-2534328, Unit-8 - 8093977417, Unit-4 - 9861140780, Vivekananda Marg - 9778051496, VSS Nagar - 9437278000.
